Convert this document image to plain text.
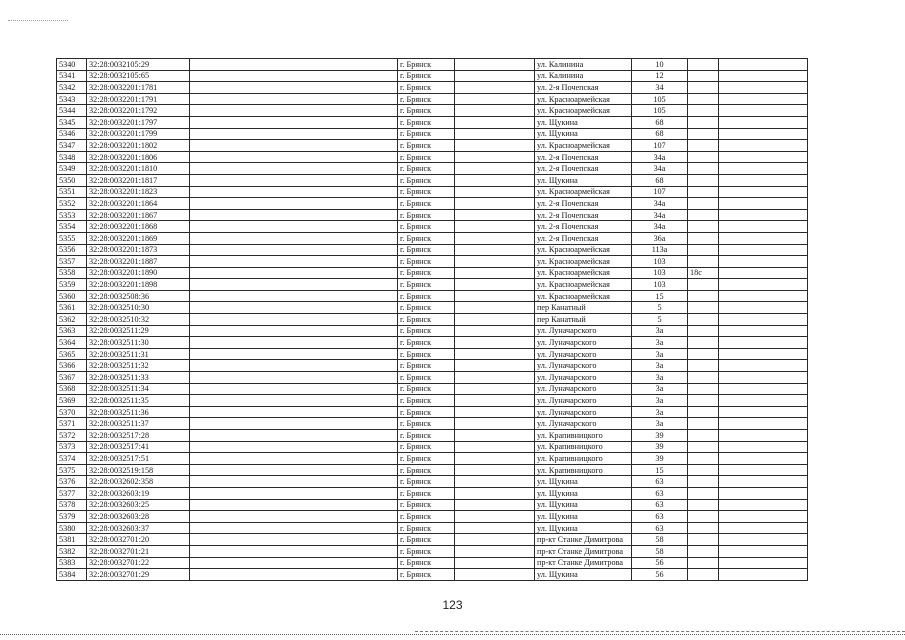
5340	32:28:0032105:29		г. Брянск		ул. Калинина	10		
5341	32:28:0032105:65		г. Брянск		ул. Калинина	12		
5342	32:28:0032201:1781		г. Брянск		ул. 2-я Почепская	34		
5343	32:28:0032201:1791		г. Брянск		ул. Красноармейская	105		
5344	32:28:0032201:1792		г. Брянск		ул. Красноармейская	105		
5345	32:28:0032201:1797		г. Брянск		ул. Щукина	68		
5346	32:28:0032201:1799		г. Брянск		ул. Щукина	68		
5347	32:28:0032201:1802		г. Брянск		ул. Красноармейская	107		
5348	32:28:0032201:1806		г. Брянск		ул. 2-я Почепская	34а		
5349	32:28:0032201:1810		г. Брянск		ул. 2-я Почепская	34а		
5350	32:28:0032201:1817		г. Брянск		ул. Щукина	68		
5351	32:28:0032201:1823		г. Брянск		ул. Красноармейская	107		
5352	32:28:0032201:1864		г. Брянск		ул. 2-я Почепская	34а		
5353	32:28:0032201:1867		г. Брянск		ул. 2-я Почепская	34а		
5354	32:28:0032201:1868		г. Брянск		ул. 2-я Почепская	34а		
5355	32:28:0032201:1869		г. Брянск		ул. 2-я Почепская	36а		
5356	32:28:0032201:1873		г. Брянск		ул. Красноармейская	113а		
5357	32:28:0032201:1887		г. Брянск		ул. Красноармейская	103		
5358	32:28:0032201:1890		г. Брянск		ул. Красноармейская	103	18с	
5359	32:28:0032201:1898		г. Брянск		ул. Красноармейская	103		
5360	32:28:0032508:36		г. Брянск		ул. Красноармейская	15		
5361	32:28:0032510:30		г. Брянск		пер Канатный	5		
5362	32:28:0032510:32		г. Брянск		пер Канатный	5		
5363	32:28:0032511:29		г. Брянск		ул. Луначарского	3а		
5364	32:28:0032511:30		г. Брянск		ул. Луначарского	3а		
5365	32:28:0032511:31		г. Брянск		ул. Луначарского	3а		
5366	32:28:0032511:32		г. Брянск		ул. Луначарского	3а		
5367	32:28:0032511:33		г. Брянск		ул. Луначарского	3а		
5368	32:28:0032511:34		г. Брянск		ул. Луначарского	3а		
5369	32:28:0032511:35		г. Брянск		ул. Луначарского	3а		
5370	32:28:0032511:36		г. Брянск		ул. Луначарского	3а		
5371	32:28:0032511:37		г. Брянск		ул. Луначарского	3а		
5372	32:28:0032517:28		г. Брянск		ул. Крапивницкого	39		
5373	32:28:0032517:41		г. Брянск		ул. Крапивницкого	39		
5374	32:28:0032517:51		г. Брянск		ул. Крапивницкого	39		
5375	32:28:0032519:158		г. Брянск		ул. Крапивницкого	15		
5376	32:28:0032602:358		г. Брянск		ул. Щукина	63		
5377	32:28:0032603:19		г. Брянск		ул. Щукина	63		
5378	32:28:0032603:25		г. Брянск		ул. Щукина	63		
5379	32:28:0032603:28		г. Брянск		ул. Щукина	63		
5380	32:28:0032603:37		г. Брянск		ул. Щукина	63		
5381	32:28:0032701:20		г. Брянск		пр-кт Станке Димитрова	58		
5382	32:28:0032701:21		г. Брянск		пр-кт Станке Димитрова	58		
5383	32:28:0032701:22		г. Брянск		пр-кт Станке Димитрова	56		
5384	32:28:0032701:29		г. Брянск		ул. Щукина	56		
123
